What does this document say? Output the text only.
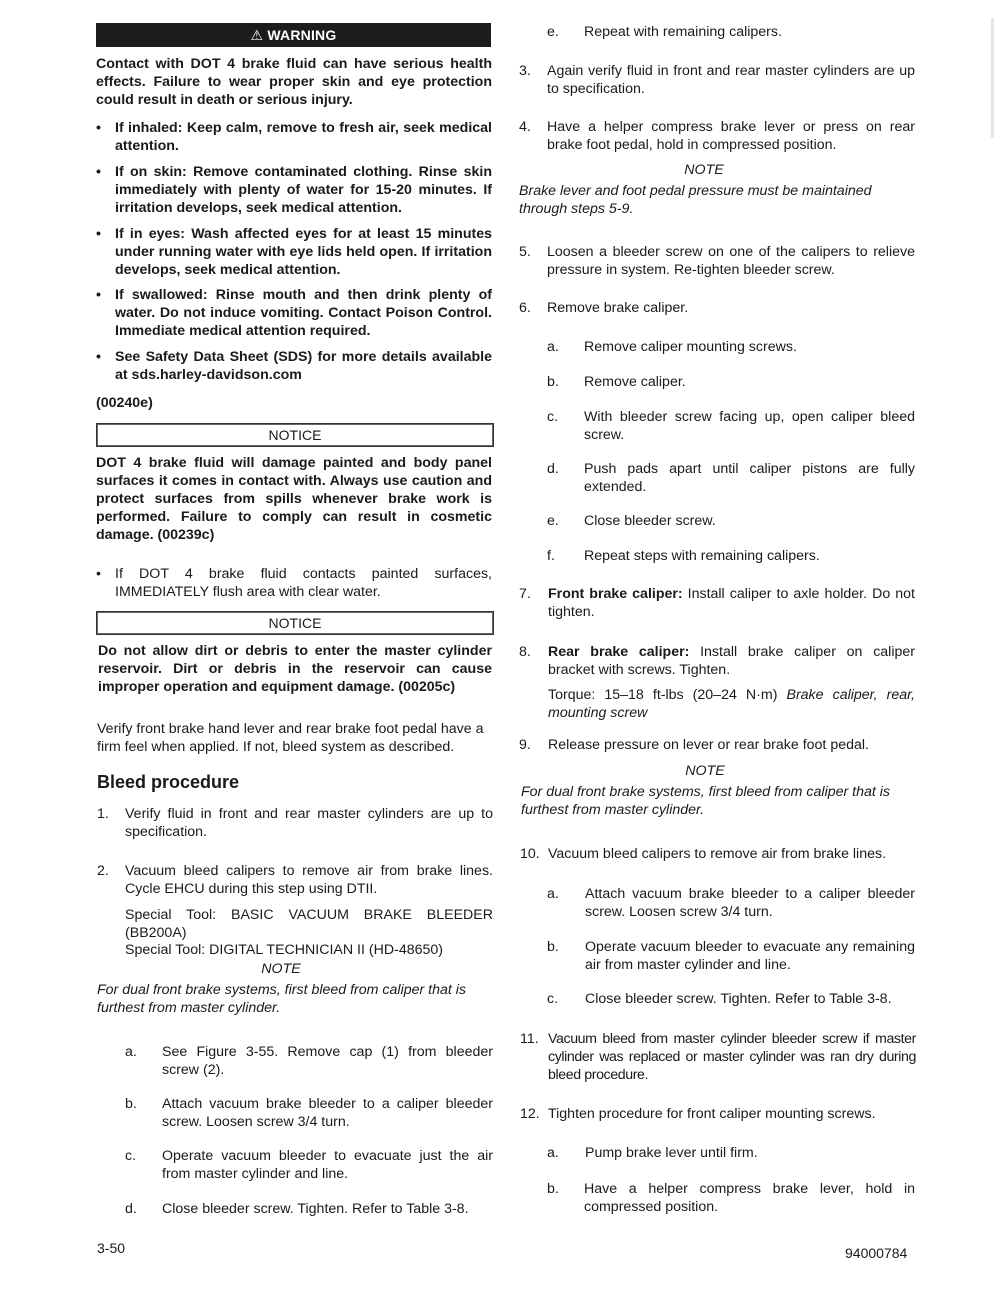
⚠ WARNING
Contact with DOT 4 brake fluid can have serious health effects. Failure to wear proper skin and eye protection could result in death or serious injury.
• If inhaled: Keep calm, remove to fresh air, seek medical attention.
• If on skin: Remove contaminated clothing. Rinse skin immediately with plenty of water for 15-20 minutes. If irritation develops, seek medical attention.
• If in eyes: Wash affected eyes for at least 15 minutes under running water with eye lids held open. If irritation develops, seek medical attention.
• If swallowed: Rinse mouth and then drink plenty of water. Do not induce vomiting. Contact Poison Control. Immediate medical attention required.
• See Safety Data Sheet (SDS) for more details available at sds.harley-davidson.com
(00240e)
NOTICE
DOT 4 brake fluid will damage painted and body panel surfaces it comes in contact with. Always use caution and protect surfaces from spills whenever brake work is performed. Failure to comply can result in cosmetic damage. (00239c)
• If DOT 4 brake fluid contacts painted surfaces, IMMEDIATELY flush area with clear water.
NOTICE
Do not allow dirt or debris to enter the master cylinder reservoir. Dirt or debris in the reservoir can cause improper operation and equipment damage. (00205c)
Verify front brake hand lever and rear brake foot pedal have a firm feel when applied. If not, bleed system as described.
Bleed procedure
1. Verify fluid in front and rear master cylinders are up to specification.
2. Vacuum bleed calipers to remove air from brake lines. Cycle EHCU during this step using DTII.
Special Tool: BASIC VACUUM BRAKE BLEEDER (BB200A)
Special Tool: DIGITAL TECHNICIAN II (HD-48650)
NOTE
For dual front brake systems, first bleed from caliper that is furthest from master cylinder.
a. See Figure 3-55. Remove cap (1) from bleeder screw (2).
b. Attach vacuum brake bleeder to a caliper bleeder screw. Loosen screw 3/4 turn.
c. Operate vacuum bleeder to evacuate just the air from master cylinder and line.
d. Close bleeder screw. Tighten. Refer to Table 3-8.
3-50
e. Repeat with remaining calipers.
3. Again verify fluid in front and rear master cylinders are up to specification.
4. Have a helper compress brake lever or press on rear brake foot pedal, hold in compressed position.
NOTE
Brake lever and foot pedal pressure must be maintained through steps 5-9.
5. Loosen a bleeder screw on one of the calipers to relieve pressure in system. Re-tighten bleeder screw.
6. Remove brake caliper.
a. Remove caliper mounting screws.
b. Remove caliper.
c. With bleeder screw facing up, open caliper bleed screw.
d. Push pads apart until caliper pistons are fully extended.
e. Close bleeder screw.
f. Repeat steps with remaining calipers.
7. Front brake caliper: Install caliper to axle holder. Do not tighten.
8. Rear brake caliper: Install brake caliper on caliper bracket with screws. Tighten.
Torque: 15–18 ft-lbs (20–24 N·m) Brake caliper, rear, mounting screw
9. Release pressure on lever or rear brake foot pedal.
NOTE
For dual front brake systems, first bleed from caliper that is furthest from master cylinder.
10. Vacuum bleed calipers to remove air from brake lines.
a. Attach vacuum brake bleeder to a caliper bleeder screw. Loosen screw 3/4 turn.
b. Operate vacuum bleeder to evacuate any remaining air from master cylinder and line.
c. Close bleeder screw. Tighten. Refer to Table 3-8.
11. Vacuum bleed from master cylinder bleeder screw if master cylinder was replaced or master cylinder was ran dry during bleed procedure.
12. Tighten procedure for front caliper mounting screws.
a. Pump brake lever until firm.
b. Have a helper compress brake lever, hold in compressed position.
94000784
